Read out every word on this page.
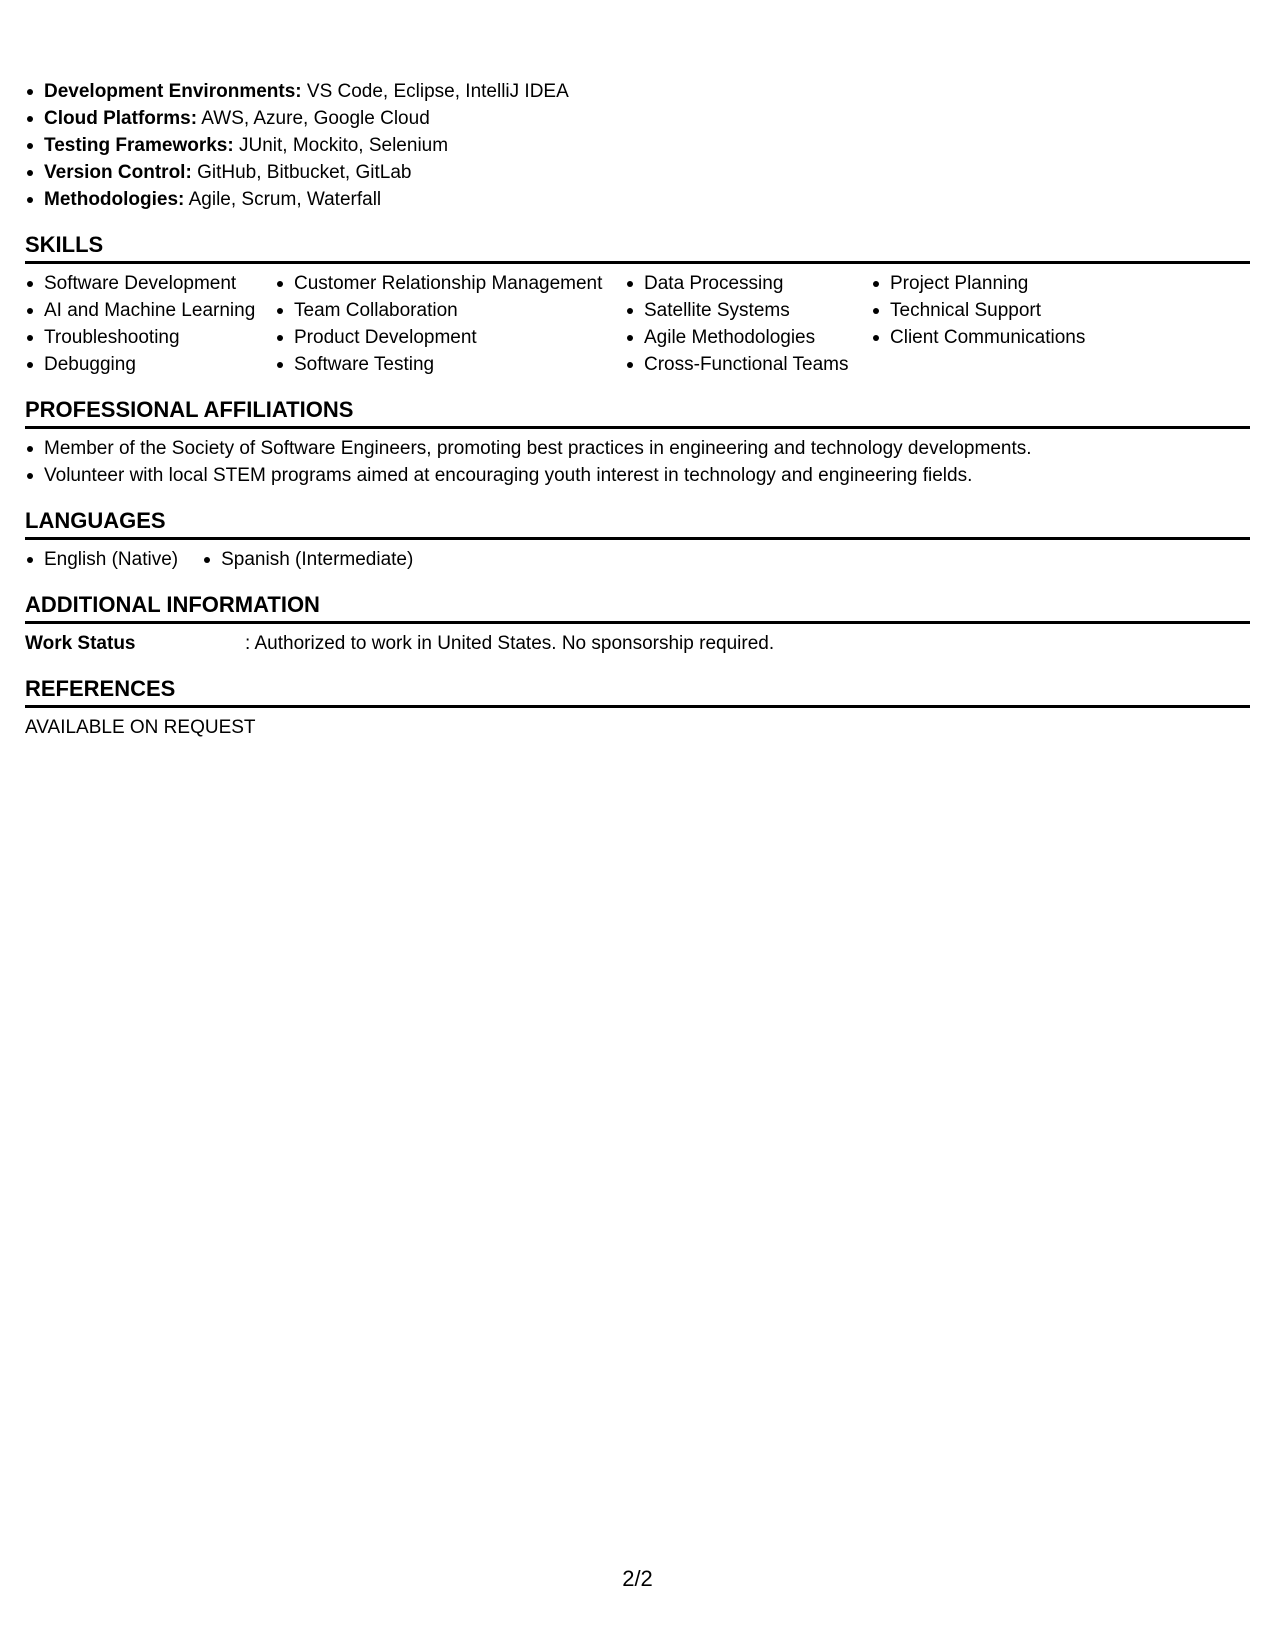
Development Environments: VS Code, Eclipse, IntelliJ IDEA
Cloud Platforms: AWS, Azure, Google Cloud
Testing Frameworks: JUnit, Mockito, Selenium
Version Control: GitHub, Bitbucket, GitLab
Methodologies: Agile, Scrum, Waterfall
SKILLS
Software Development
AI and Machine Learning
Troubleshooting
Debugging
Customer Relationship Management
Team Collaboration
Product Development
Software Testing
Data Processing
Satellite Systems
Agile Methodologies
Cross-Functional Teams
Project Planning
Technical Support
Client Communications
PROFESSIONAL AFFILIATIONS
Member of the Society of Software Engineers, promoting best practices in engineering and technology developments.
Volunteer with local STEM programs aimed at encouraging youth interest in technology and engineering fields.
LANGUAGES
English (Native)	Spanish (Intermediate)
ADDITIONAL INFORMATION
Work Status	: Authorized to work in United States. No sponsorship required.
REFERENCES
AVAILABLE ON REQUEST
2/2
